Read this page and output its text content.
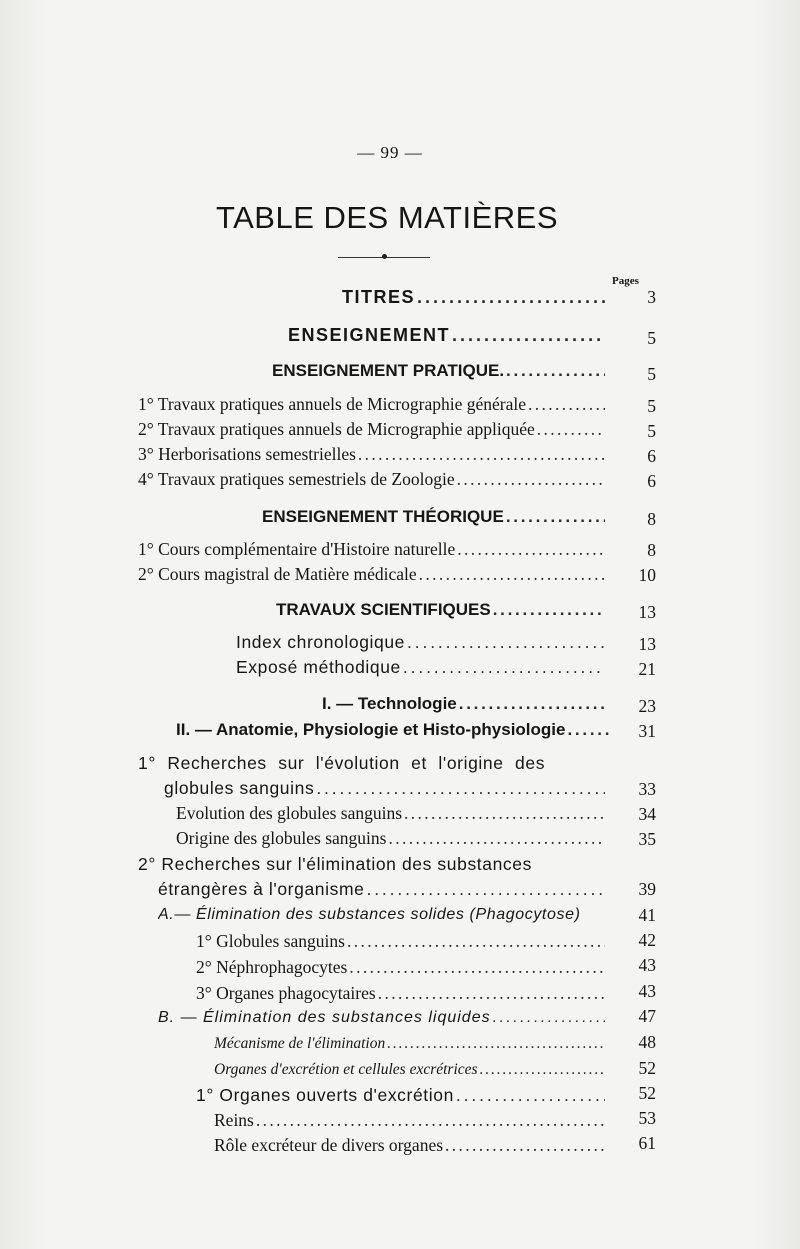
— 99 —
TABLE DES MATIÈRES
Pages
TITRES . . .	3
ENSEIGNEMENT . . .	5
ENSEIGNEMENT PRATIQUE. . . .	5
1° Travaux pratiques annuels de Micrographie générale . . .	5
2° Travaux pratiques annuels de Micrographie appliquée . . .	5
3° Herborisations semestrielles . . .	6
4° Travaux pratiques semestriels de Zoologie . . .	6
ENSEIGNEMENT THÉORIQUE . . .	8
1° Cours complémentaire d'Histoire naturelle . . .	8
2° Cours magistral de Matière médicale . . .	10
TRAVAUX SCIENTIFIQUES . . .	13
Index chronologique . . .	13
Exposé méthodique . . .	21
I. — Technologie . . .	23
II. — Anatomie, Physiologie et Histo-physiologie . . .	31
1° Recherches sur l'évolution et l'origine des
globules sanguins . . .	33
Evolution des globules sanguins . . .	34
Origine des globules sanguins . . .	35
2° Recherches sur l'élimination des substances
étrangères à l'organisme . . .	39
A.— Élimination des substances solides (Phagocytose)	41
1° Globules sanguins . . .	42
2° Néphrophagocytes . . .	43
3° Organes phagocytaires . . .	43
B. — Élimination des substances liquides . . .	47
Mécanisme de l'élimination . . .	48
Organes d'excrétion et cellules excrétrices . . .	52
1° Organes ouverts d'excrétion . . .	52
Reins . . .	53
Rôle excréteur de divers organes . . .	61
